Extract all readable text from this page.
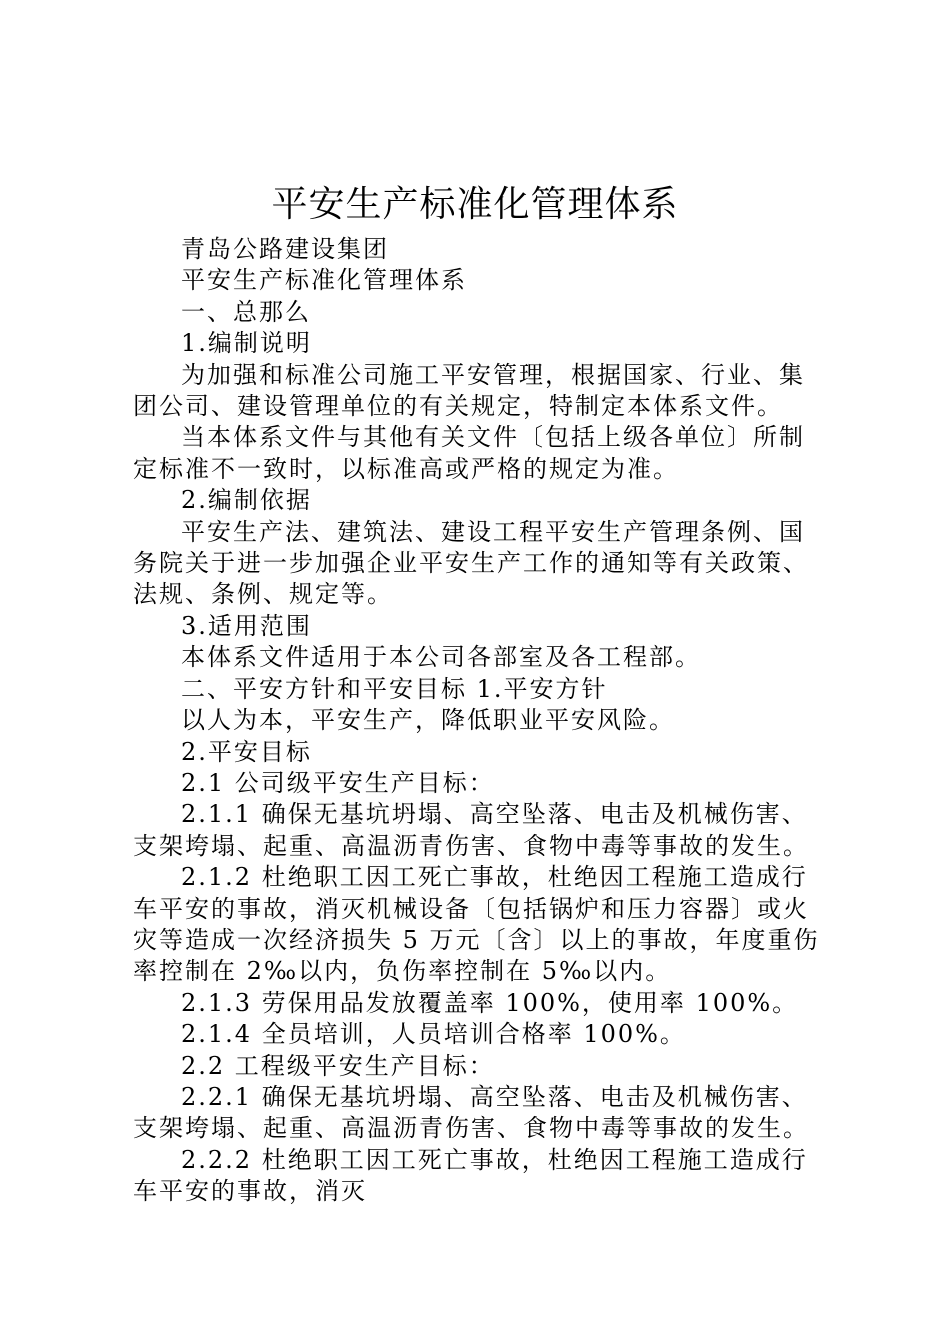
平安生产标准化管理体系

青岛公路建设集团

平安生产标准化管理体系

一、总那么

1.编制说明

为加强和标准公司施工平安管理，根据国家、行业、集团公司、建设管理单位的有关规定，特制定本体系文件。

当本体系文件与其他有关文件〔包括上级各单位〕所制定标准不一致时，以标准高或严格的规定为准。

2.编制依据

平安生产法、建筑法、建设工程平安生产管理条例、国务院关于进一步加强企业平安生产工作的通知等有关政策、法规、条例、规定等。

3.适用范围

本体系文件适用于本公司各部室及各工程部。

二、平安方针和平安目标 1.平安方针

以人为本，平安生产，降低职业平安风险。

2.平安目标

2.1 公司级平安生产目标：

2.1.1 确保无基坑坍塌、高空坠落、电击及机械伤害、支架垮塌、起重、高温沥青伤害、食物中毒等事故的发生。

2.1.2 杜绝职工因工死亡事故，杜绝因工程施工造成行车平安的事故，消灭机械设备〔包括锅炉和压力容器〕或火灾等造成一次经济损失 5 万元〔含〕以上的事故，年度重伤率控制在 2‰以内，负伤率控制在 5‰以内。

2.1.3 劳保用品发放覆盖率 100%，使用率 100%。

2.1.4 全员培训，人员培训合格率 100%。

2.2 工程级平安生产目标：

2.2.1 确保无基坑坍塌、高空坠落、电击及机械伤害、支架垮塌、起重、高温沥青伤害、食物中毒等事故的发生。

2.2.2 杜绝职工因工死亡事故，杜绝因工程施工造成行车平安的事故，消灭
